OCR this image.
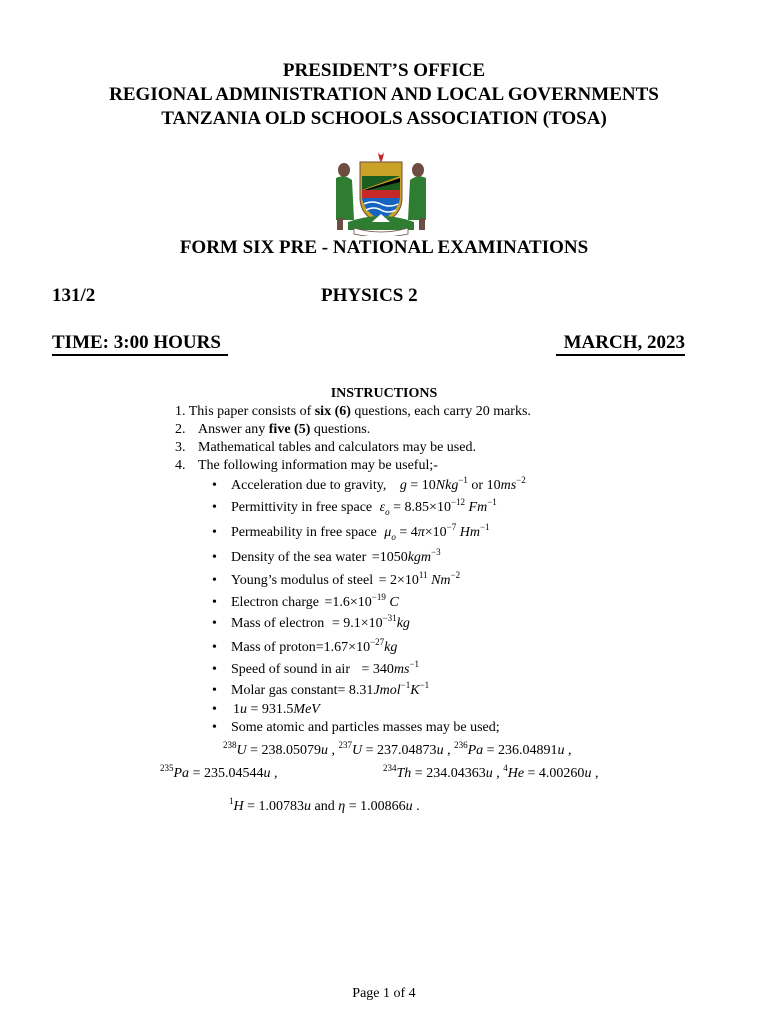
PRESIDENT’S OFFICE
REGIONAL ADMINISTRATION AND LOCAL GOVERNMENTS
TANZANIA OLD SCHOOLS ASSOCIATION (TOSA)
FORM SIX PRE - NATIONAL EXAMINATIONS
131/2	PHYSICS 2
TIME: 3:00 HOURS	MARCH, 2023
INSTRUCTIONS
1. This paper consists of six (6) questions, each carry 20 marks.
2. Answer any five (5) questions.
3. Mathematical tables and calculators may be used.
4. The following information may be useful;-
• Acceleration due to gravity, g = 10Nkg$^{-1}$ or $10ms^{-2}$
• Permittivity in free space $\varepsilon_o = 8.85\times 10^{-12}$ $Fm^{-1}$
• Permeability in free space $\mu_o = 4\pi\times 10^{-7}$ $Hm^{-1}$
• Density of the sea water =1050kgm$^{-3}$
• Young’s modulus of steel = $2\times 10^{11}$ $Nm^{-2}$
• Electron charge $=1.6\times 10^{-19}$ C
• Mass of electron = $9.1\times 10^{-31}kg$
• Mass of $proton=1.67\times 10^{-27}kg$
• Speed of sound in air = $340ms^{-1}$
• Molar gas constant= $8.31Jmol^{-1}K^{-1}$
• 1u = 931.5MeV
• Some atomic and particles masses may be used;
$^{238}$U = 238.05079u , $^{237}$U = 237.04873u , $^{236}$Pa = 236.04891u ,
$^{235}$Pa = 235.04544u ,	$^{234}$Th = 234.04363u , $^4$He = 4.00260u ,
$^1$H = 1.00783u and η = 1.00866u .
Page 1 of 4
